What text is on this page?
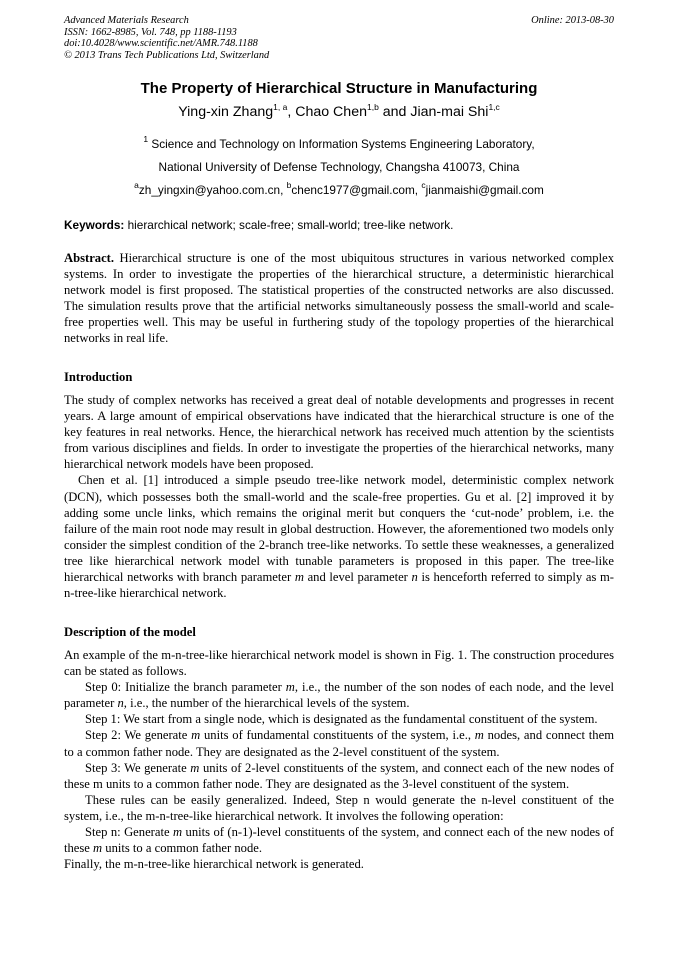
Advanced Materials Research
ISSN: 1662-8985, Vol. 748, pp 1188-1193
doi:10.4028/www.scientific.net/AMR.748.1188
© 2013 Trans Tech Publications Ltd, Switzerland
Online: 2013-08-30
The Property of Hierarchical Structure in Manufacturing
Ying-xin Zhang$^{1, a}$, Chao Chen$^{1,b}$ and Jian-mai Shi$^{1,c}$
$^1$ Science and Technology on Information Systems Engineering Laboratory,
National University of Defense Technology, Changsha 410073, China
$^a$zh_yingxin@yahoo.com.cn, $^b$chenc1977@gmail.com, $^c$jianmaishi@gmail.com
Keywords: hierarchical network; scale-free; small-world; tree-like network.
Abstract. Hierarchical structure is one of the most ubiquitous structures in various networked complex systems. In order to investigate the properties of the hierarchical structure, a deterministic hierarchical network model is first proposed. The statistical properties of the constructed networks are also discussed. The simulation results prove that the artificial networks simultaneously possess the small-world and scale-free properties well. This may be useful in furthering study of the topology properties of the hierarchical networks in real life.
Introduction

The study of complex networks has received a great deal of notable developments and progresses in recent years. A large amount of empirical observations have indicated that the hierarchical structure is one of the key features in real networks. Hence, the hierarchical network has received much attention by the scientists from various disciplines and fields. In order to investigate the properties of the hierarchical networks, many hierarchical network models have been proposed.

Chen et al. [1] introduced a simple pseudo tree-like network model, deterministic complex network (DCN), which possesses both the small-world and the scale-free properties. Gu et al. [2] improved it by adding some uncle links, which remains the original merit but conquers the ‘cut-node’ problem, i.e. the failure of the main root node may result in global destruction. However, the aforementioned two models only consider the simplest condition of the 2-branch tree-like networks. To settle these weaknesses, a generalized tree like hierarchical network model with tunable parameters is proposed in this paper. The tree-like hierarchical networks with branch parameter m and level parameter n is henceforth referred to simply as m-n-tree-like hierarchical network.

Description of the model

An example of the m-n-tree-like hierarchical network model is shown in Fig. 1. The construction procedures can be stated as follows.

Step 0: Initialize the branch parameter m, i.e., the number of the son nodes of each node, and the level parameter n, i.e., the number of the hierarchical levels of the system.

Step 1: We start from a single node, which is designated as the fundamental constituent of the system.

Step 2: We generate m units of fundamental constituents of the system, i.e., m nodes, and connect them to a common father node. They are designated as the 2-level constituent of the system.

Step 3: We generate m units of 2-level constituents of the system, and connect each of the new nodes of these m units to a common father node. They are designated as the 3-level constituent of the system.

These rules can be easily generalized. Indeed, Step n would generate the n-level constituent of the system, i.e., the m-n-tree-like hierarchical network. It involves the following operation:

Step n: Generate m units of (n-1)-level constituents of the system, and connect each of the new nodes of these m units to a common father node.

Finally, the m-n-tree-like hierarchical network is generated.
